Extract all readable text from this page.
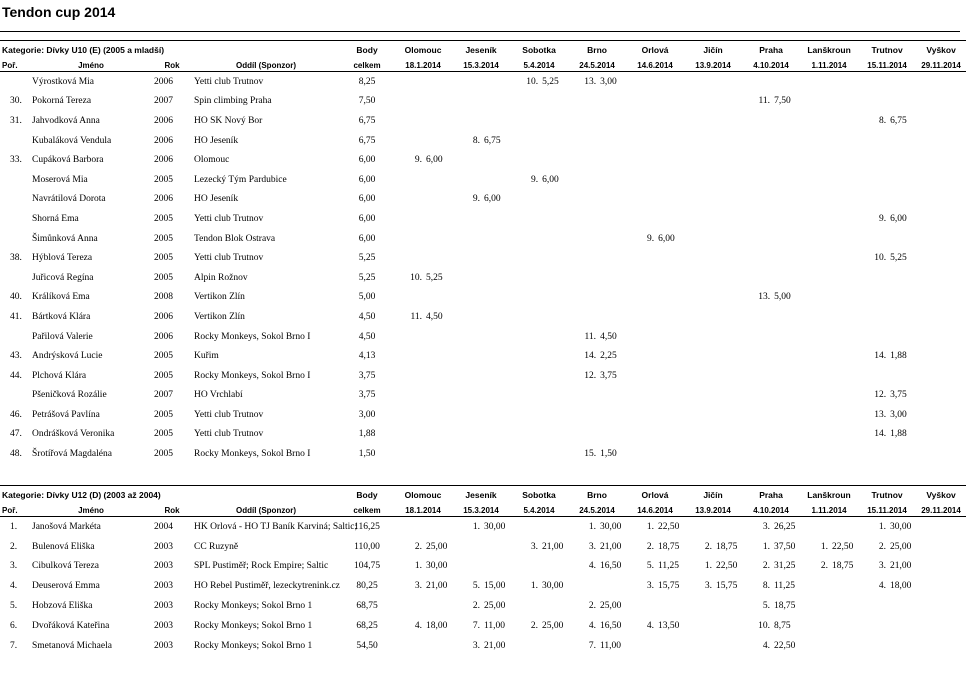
Tendon cup 2014
Kategorie: Dívky U10 (E) (2005 a mladší)				Body	Olomouc		Jeseník		Sobotka		Brno		Orlová		Jičín		Praha		Lanškroun		Trutnov		Vyškov		
Poř.	Jméno	Rok	Oddíl (Sponzor)	celkem	18.1.2014		15.3.2014		5.4.2014		24.5.2014		14.6.2014		13.9.2014		4.10.2014		1.11.2014		15.11.2014		29.11.2014		
	Výrostková Mia	2006	Yetti club Trutnov	8,25					10.	5,25	13.	3,00													
30.	Pokorná Tereza	2007	Spin climbing Praha	7,50													11.	7,50							
31.	Jahvodková Anna	2006	HO SK Nový Bor	6,75																	8.	6,75			
	Kubaláková Vendula	2006	HO Jeseník	6,75			8.	6,75																	
33.	Cupáková Barbora	2006	Olomouc	6,00	9.	6,00																			
	Moserová Mia	2005	Lezecký Tým Pardubice	6,00					9.	6,00															
	Navrátilová Dorota	2006	HO Jeseník	6,00			9.	6,00																	
	Shorná Ema	2005	Yetti club Trutnov	6,00																	9.	6,00			
	Šimůnková Anna	2005	Tendon Blok Ostrava	6,00									9.	6,00											
38.	Hýblová Tereza	2005	Yetti club Trutnov	5,25																	10.	5,25			
	Juřicová Regína	2005	Alpin Rožnov	5,25	10.	5,25																			
40.	Králíková Ema	2008	Vertikon Zlín	5,00													13.	5,00							
41.	Bártková Klára	2006	Vertikon Zlín	4,50	11.	4,50																			
	Pařilová Valerie	2006	Rocky Monkeys, Sokol Brno I	4,50							11.	4,50													
43.	Andrýsková Lucie	2005	Kuřim	4,13							14.	2,25									14.	1,88			
44.	Plchová Klára	2005	Rocky Monkeys, Sokol Brno I	3,75							12.	3,75													
	Pšeničková Rozálie	2007	HO Vrchlabí	3,75																	12.	3,75			
46.	Petrášová Pavlína	2005	Yetti club Trutnov	3,00																	13.	3,00			
47.	Ondrášková Veronika	2005	Yetti club Trutnov	1,88																	14.	1,88			
48.	Šrotířová Magdaléna	2005	Rocky Monkeys, Sokol Brno I	1,50							15.	1,50													
Kategorie: Dívky U12 (D) (2003 až 2004)				Body	Olomouc		Jeseník		Sobotka		Brno		Orlová		Jičín		Praha		Lanškroun		Trutnov		Vyškov		
Poř.	Jméno	Rok	Oddíl (Sponzor)	celkem	18.1.2014		15.3.2014		5.4.2014		24.5.2014		14.6.2014		13.9.2014		4.10.2014		1.11.2014		15.11.2014		29.11.2014		
1.	Janošová Markéta	2004	HK Orlová - HO TJ Baník Karviná; Saltic;	116,25			1.	30,00			1.	30,00	1.	22,50			3.	26,25			1.	30,00			
2.	Bulenová Eliška	2003	CC Ruzyně	110,00	2.	25,00			3.	21,00	3.	21,00	2.	18,75	2.	18,75	1.	37,50	1.	22,50	2.	25,00			
3.	Cibulková Tereza	2003	SPL Pustiměř; Rock Empire; Saltic	104,75	1.	30,00					4.	16,50	5.	11,25	1.	22,50	2.	31,25	2.	18,75	3.	21,00			
4.	Deuserová Emma	2003	HO Rebel Pustiměř, lezeckytrenink.cz	80,25	3.	21,00	5.	15,00	1.	30,00			3.	15,75	3.	15,75	8.	11,25			4.	18,00			
5.	Hobzová Eliška	2003	Rocky Monkeys; Sokol Brno 1	68,75			2.	25,00			2.	25,00					5.	18,75							
6.	Dvořáková Kateřina	2003	Rocky Monkeys; Sokol Brno 1	68,25	4.	18,00	7.	11,00	2.	25,00	4.	16,50	4.	13,50			10.	8,75							
7.	Smetanová Michaela	2003	Rocky Monkeys; Sokol Brno 1	54,50			3.	21,00			7.	11,00					4.	22,50							
